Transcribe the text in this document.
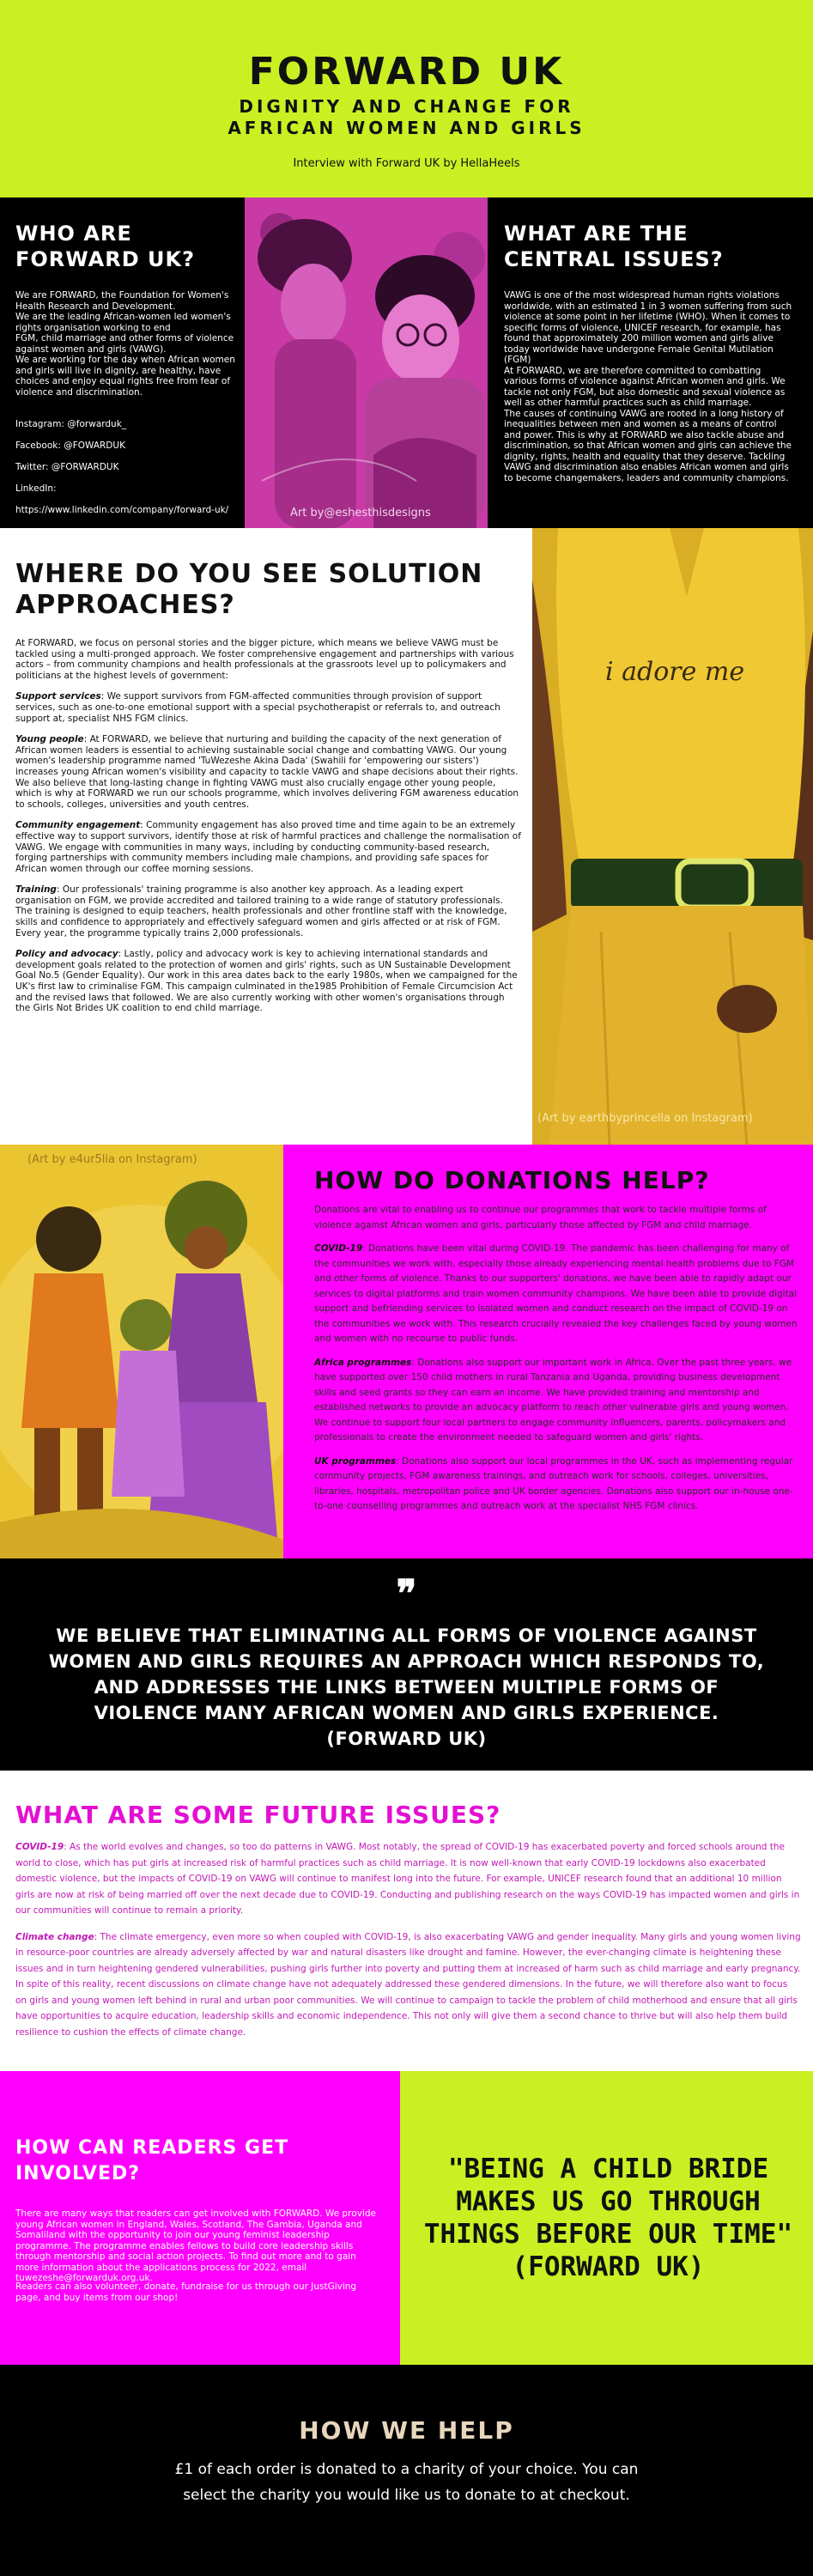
FORWARD UK
DIGNITY AND CHANGE FOR
AFRICAN WOMEN AND GIRLS
Interview with Forward UK by HellaHeels
WHO ARE FORWARD UK?

We are FORWARD, the Foundation for Women's Health Research and Development.
We are the leading African-women led women's rights organisation working to end
FGM, child marriage and other forms of violence against women and girls (VAWG).
We are working for the day when African women and girls will live in dignity, are healthy, have choices and enjoy equal rights free from fear of violence and discrimination.

Instagram: @forwarduk_

Facebook: @FOWARDUK

Twitter: @FORWARDUK

LinkedIn:

https://www.linkedin.com/company/forward-uk/	Art by@eshesthisdesigns
WHAT ARE THE CENTRAL ISSUES?

VAWG is one of the most widespread human rights violations worldwide, with an estimated 1 in 3 women suffering from such violence at some point in her lifetime (WHO). When it comes to specific forms of violence, UNICEF research, for example, has found that approximately 200 million women and girls alive today worldwide have undergone Female Genital Mutilation (FGM)
At FORWARD, we are therefore committed to combatting various forms of violence against African women and girls. We tackle not only FGM, but also domestic and sexual violence as well as other harmful practices such as child marriage.
The causes of continuing VAWG are rooted in a long history of inequalities between men and women as a means of control and power. This is why at FORWARD we also tackle abuse and discrimination, so that African women and girls can achieve the dignity, rights, health and equality that they deserve. Tackling VAWG and discrimination also enables African women and girls to become changemakers, leaders and community champions.

WHERE DO YOU SEE SOLUTION APPROACHES?

At FORWARD, we focus on personal stories and the bigger picture, which means we believe VAWG must be tackled using a multi-pronged approach. We foster comprehensive engagement and partnerships with various actors – from community champions and health professionals at the grassroots level up to policymakers and politicians at the highest levels of government:

Support services: We support survivors from FGM-affected communities through provision of support services, such as one-to-one emotional support with a special psychotherapist or referrals to, and outreach support at, specialist NHS FGM clinics.

Young people: At FORWARD, we believe that nurturing and building the capacity of the next generation of African women leaders is essential to achieving sustainable social change and combatting VAWG. Our young women's leadership programme named 'TuWezeshe Akina Dada' (Swahili for 'empowering our sisters') increases young African women's visibility and capacity to tackle VAWG and shape decisions about their rights. We also believe that long-lasting change in fighting VAWG must also crucially engage other young people, which is why at FORWARD we run our schools programme, which involves delivering FGM awareness education to schools, colleges, universities and youth centres.

Community engagement: Community engagement has also proved time and time again to be an extremely effective way to support survivors, identify those at risk of harmful practices and challenge the normalisation of VAWG. We engage with communities in many ways, including by conducting community-based research, forging partnerships with community members including male champions, and providing safe spaces for African women through our coffee morning sessions.

Training: Our professionals' training programme is also another key approach. As a leading expert organisation on FGM, we provide accredited and tailored training to a wide range of statutory professionals. The training is designed to equip teachers, health professionals and other frontline staff with the knowledge, skills and confidence to appropriately and effectively safeguard women and girls affected or at risk of FGM. Every year, the programme typically trains 2,000 professionals.

Policy and advocacy: Lastly, policy and advocacy work is key to achieving international standards and development goals related to the protection of women and girls' rights, such as UN Sustainable Development Goal No.5 (Gender Equality). Our work in this area dates back to the early 1980s, when we campaigned for the UK's first law to criminalise FGM. This campaign culminated in the1985 Prohibition of Female Circumcision Act and the revised laws that followed. We are also currently working with other women's organisations through the Girls Not Brides UK coalition to end child marriage.

i adore me
(Art by earthbyprincella on Instagram)
(Art by e4ur5lia on Instagram)
HOW DO DONATIONS HELP?

Donations are vital to enabling us to continue our programmes that work to tackle multiple forms of violence against African women and girls, particularly those affected by FGM and child marriage.

COVID-19: Donations have been vital during COVID-19. The pandemic has been challenging for many of the communities we work with, especially those already experiencing mental health problems due to FGM and other forms of violence. Thanks to our supporters' donations, we have been able to rapidly adapt our services to digital platforms and train women community champions. We have been able to provide digital support and befriending services to isolated women and conduct research on the impact of COVID-19 on the communities we work with. This research crucially revealed the key challenges faced by young women and women with no recourse to public funds.

Africa programmes: Donations also support our important work in Africa. Over the past three years, we have supported over 150 child mothers in rural Tanzania and Uganda, providing business development skills and seed grants so they can earn an income. We have provided training and mentorship and established networks to provide an advocacy platform to reach other vulnerable girls and young women. We continue to support four local partners to engage community influencers, parents, policymakers and professionals to create the environment needed to safeguard women and girls' rights.

UK programmes: Donations also support our local programmes in the UK, such as implementing regular community projects, FGM awareness trainings, and outreach work for schools, colleges, universities, libraries, hospitals, metropolitan police and UK border agencies. Donations also support our in-house one-to-one counselling programmes and outreach work at the specialist NHS FGM clinics.

❞
WE BELIEVE THAT ELIMINATING ALL FORMS OF VIOLENCE AGAINST WOMEN AND GIRLS REQUIRES AN APPROACH WHICH RESPONDS TO, AND ADDRESSES THE LINKS BETWEEN MULTIPLE FORMS OF VIOLENCE MANY AFRICAN WOMEN AND GIRLS EXPERIENCE. (FORWARD UK)
WHAT ARE SOME FUTURE ISSUES?

COVID-19: As the world evolves and changes, so too do patterns in VAWG. Most notably, the spread of COVID-19 has exacerbated poverty and forced schools around the world to close, which has put girls at increased risk of harmful practices such as child marriage. It is now well-known that early COVID-19 lockdowns also exacerbated domestic violence, but the impacts of COVID-19 on VAWG will continue to manifest long into the future. For example, UNICEF research found that an additional 10 million girls are now at risk of being married off over the next decade due to COVID-19. Conducting and publishing research on the ways COVID-19 has impacted women and girls in our communities will continue to remain a priority.

Climate change: The climate emergency, even more so when coupled with COVID-19, is also exacerbating VAWG and gender inequality. Many girls and young women living in resource-poor countries are already adversely affected by war and natural disasters like drought and famine. However, the ever-changing climate is heightening these issues and in turn heightening gendered vulnerabilities, pushing girls further into poverty and putting them at increased of harm such as child marriage and early pregnancy. In spite of this reality, recent discussions on climate change have not adequately addressed these gendered dimensions. In the future, we will therefore also want to focus on girls and young women left behind in rural and urban poor communities. We will continue to campaign to tackle the problem of child motherhood and ensure that all girls have opportunities to acquire education, leadership skills and economic independence. This not only will give them a second chance to thrive but will also help them build resilience to cushion the effects of climate change.

HOW CAN READERS GET INVOLVED?

There are many ways that readers can get involved with FORWARD. We provide young African women in England, Wales, Scotland, The Gambia, Uganda and Somaliland with the opportunity to join our young feminist leadership programme. The programme enables fellows to build core leadership skills through mentorship and social action projects. To find out more and to gain more information about the applications process for 2022, email tuwezeshe@forwarduk.org.uk.

Readers can also volunteer, donate, fundraise for us through our JustGiving page, and buy items from our shop!

"BEING A CHILD BRIDE MAKES US GO THROUGH THINGS BEFORE OUR TIME" (FORWARD UK)
HOW WE HELP

£1 of each order is donated to a charity of your choice. You can select the charity you would like us to donate to at checkout.
